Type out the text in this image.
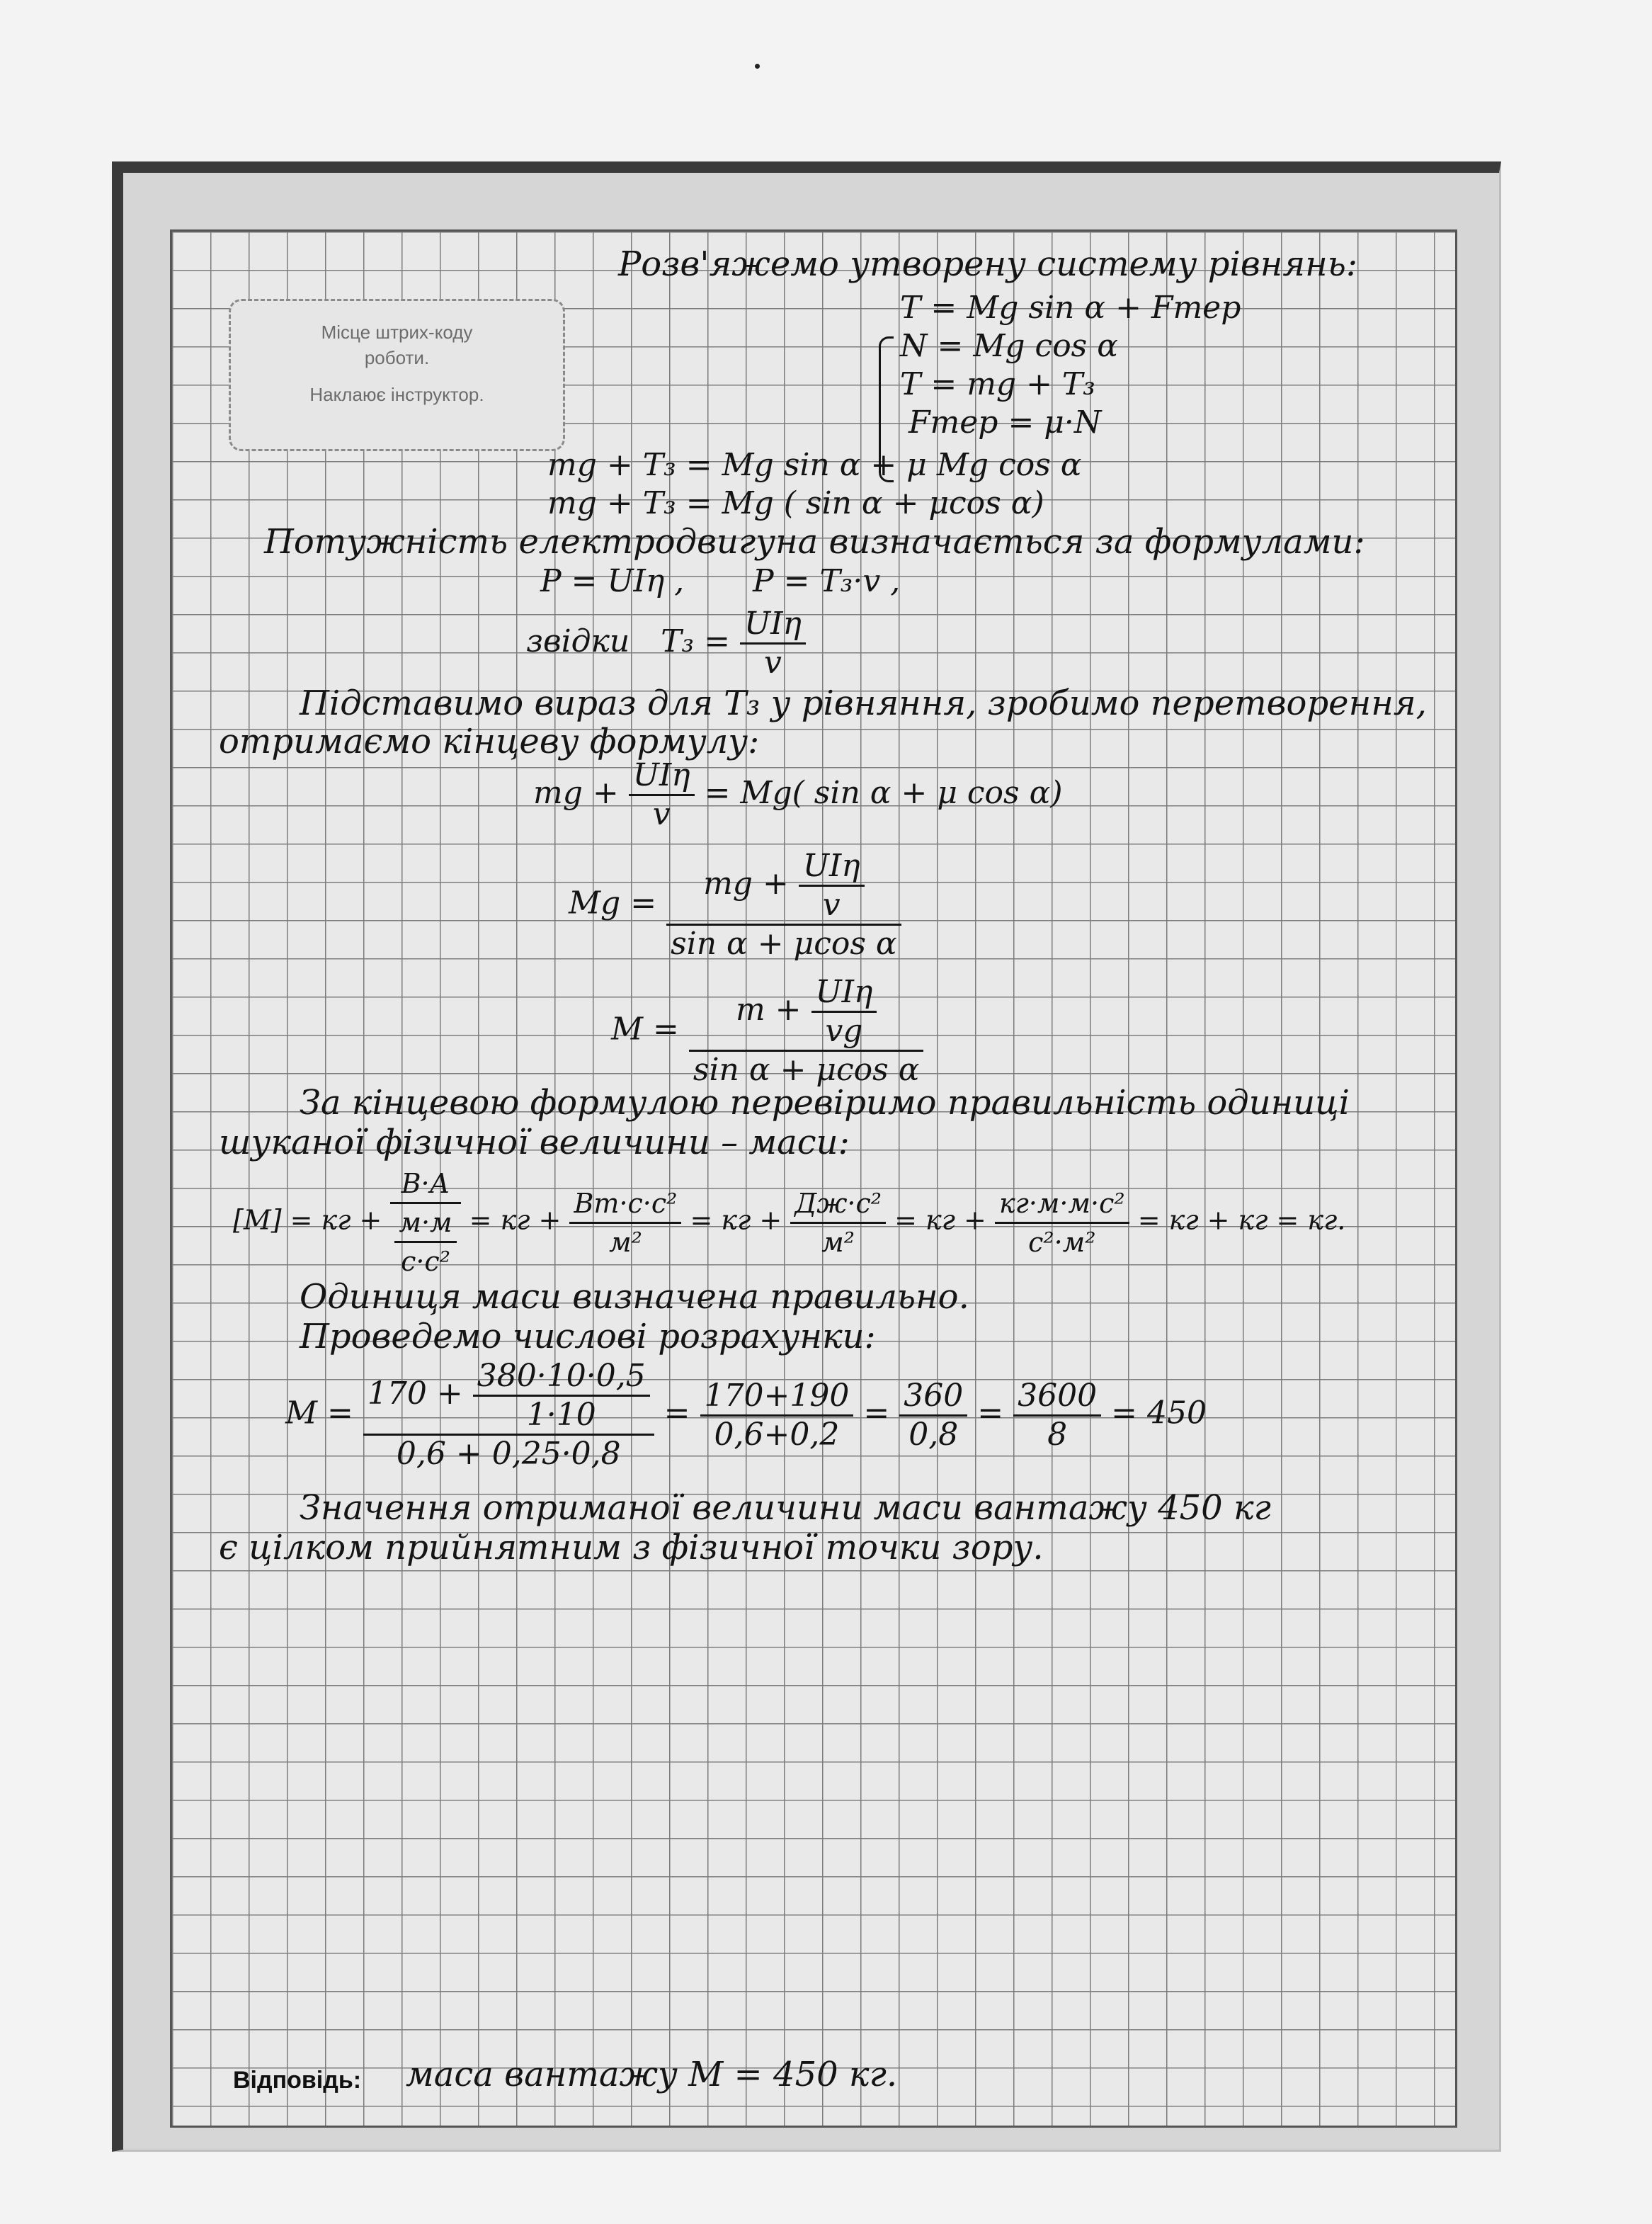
Місце штрих-коду
роботи.
Наклаює інструктор.
Розв'яжемо утворену систему рівнянь:
T = Mg sin α + Fтер
N = Mg cos α
T = mg + T₃
Fтер = μ·N
mg + T₃ = Mg sin α + μ Mg cos α
mg + T₃ = Mg ( sin α + μcos α)
Потужність електродвигуна визначається за формулами:
P = UIη , P = T₃·v ,
звідки $T_3 = \frac{\text{UIη}}{v}$
Підставимо вираз для T₃ у рівняння, зробимо перетворення,
отримаємо кінцеву формулу:
mg + $\frac{\text{UIη}}{v} = Mg$( sin α + μ cos α)
$Mg = \frac{mg + \frac{\text{UIη}}{v}}{\text{sin α + μcos α}}$
$M = \frac{m + \frac{\text{UIη}}{vg}}{\text{sin α + μcos α}}$
За кінцевою формулою перевіримо правильність одиниці
шуканої фізичної величини – маси:
[M] = кг + $\frac{В\cdot А}{\frac{м\cdot м}{\text{с·с²}}}$ = кг + $\frac{\text{Вт·с·с²}}{\text{м²}}$ = кг + $\frac{\text{Дж·с²}}{\text{м²}}$ = кг + $\frac{\text{кг·м·м·с²}}{\text{с²·м²}}$ = кг + кг = кг.
Одиниця маси визначена правильно.
Проведемо числові розрахунки:
$M = \frac{170 + \frac{380\cdot 10\cdot 0,5}{1\cdot 10}}{0,6 + 0,25\cdot 0,8} = \frac{170+190}{0,6+0,2} = \frac{360}{0,8} = \frac{3600}{8} = 450$
Значення отриманої величини маси вантажу 450 кг
є цілком прийнятним з фізичної точки зору.
Відповідь: маса вантажу M = 450 кг.
